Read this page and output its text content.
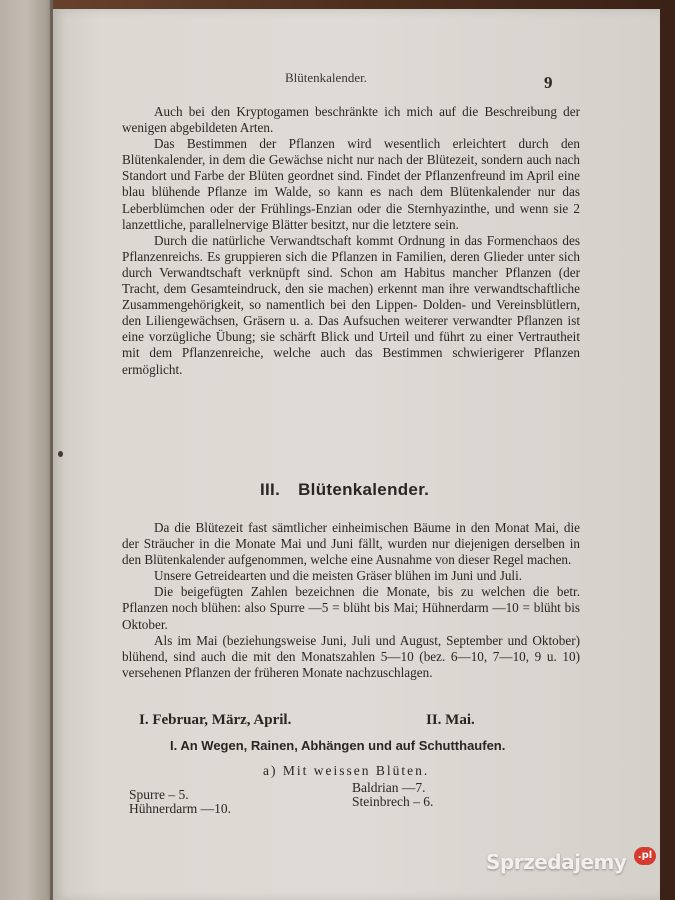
Blütenkalender.	9

Auch bei den Kryptogamen beschränkte ich mich auf die Beschreibung der wenigen abgebildeten Arten.

Das Bestimmen der Pflanzen wird wesentlich erleichtert durch den Blütenkalender, in dem die Gewächse nicht nur nach der Blütezeit, sondern auch nach Standort und Farbe der Blüten geordnet sind. Findet der Pflanzenfreund im April eine blau blühende Pflanze im Walde, so kann es nach dem Blütenkalender nur das Leberblümchen oder der Frühlings-Enzian oder die Sternhyazinthe, und wenn sie 2 lanzettliche, parallelnervige Blätter besitzt, nur die letztere sein.

Durch die natürliche Verwandtschaft kommt Ordnung in das Formenchaos des Pflanzenreichs. Es gruppieren sich die Pflanzen in Familien, deren Glieder unter sich durch Verwandtschaft verknüpft sind. Schon am Habitus mancher Pflanzen (der Tracht, dem Gesamteindruck, den sie machen) erkennt man ihre verwandtschaftliche Zusammengehörigkeit, so namentlich bei den Lippen- Dolden- und Vereinsblütlern, den Liliengewächsen, Gräsern u. a. Das Aufsuchen weiterer verwandter Pflanzen ist eine vorzügliche Übung; sie schärft Blick und Urteil und führt zu einer Vertrautheit mit dem Pflanzenreiche, welche auch das Bestimmen schwierigerer Pflanzen ermöglicht.

III. Blütenkalender.

Da die Blütezeit fast sämtlicher einheimischen Bäume in den Monat Mai, die der Sträucher in die Monate Mai und Juni fällt, wurden nur diejenigen derselben in den Blütenkalender aufgenommen, welche eine Ausnahme von dieser Regel machen.

Unsere Getreidearten und die meisten Gräser blühen im Juni und Juli.

Die beigefügten Zahlen bezeichnen die Monate, bis zu welchen die betr. Pflanzen noch blühen: also Spurre —5 = blüht bis Mai; Hühnerdarm —10 = blüht bis Oktober.

Als im Mai (beziehungsweise Juni, Juli und August, September und Oktober) blühend, sind auch die mit den Monatszahlen 5—10 (bez. 6—10, 7—10, 9 u. 10) versehenen Pflanzen der früheren Monate nachzuschlagen.

I. Februar, März, April.	II. Mai.
I. An Wegen, Rainen, Abhängen und auf Schutthaufen.
a) Mit weissen Blüten.
Spurre – 5.
Hühnerdarm —10.
Baldrian —7.
Steinbrech – 6.
Sprzedajemy	.pl
